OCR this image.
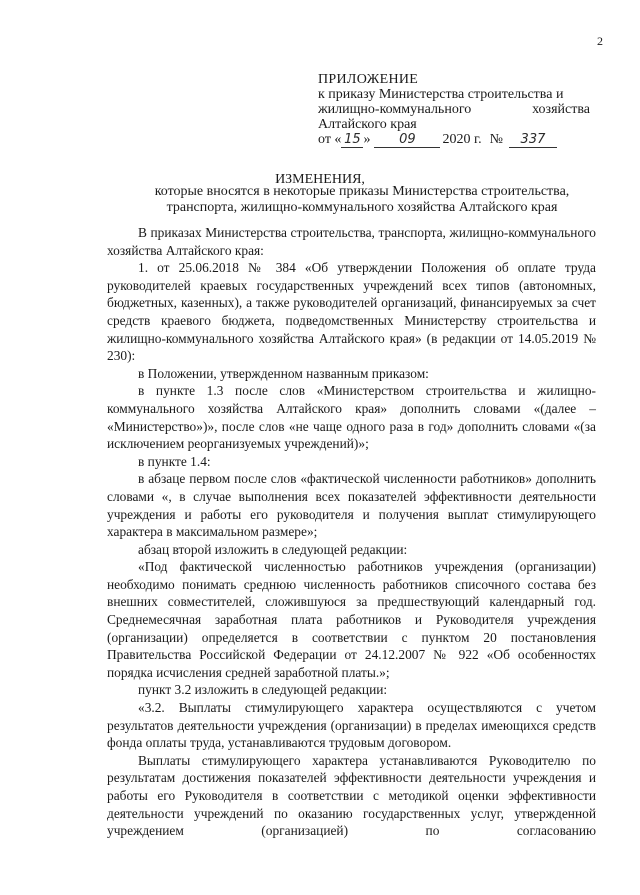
2
ПРИЛОЖЕНИЕ
к приказу Министерства строительства и
жилищно-коммунального	хозяйства
Алтайского края
от « 15 »	09	2020 г. №	337
ИЗМЕНЕНИЯ,
которые вносятся в некоторые приказы Министерства строительства, транспорта, жилищно-коммунального хозяйства Алтайского края

В приказах Министерства строительства, транспорта, жилищно-коммунального хозяйства Алтайского края:

1. от 25.06.2018 № 384 «Об утверждении Положения об оплате труда руководителей краевых государственных учреждений всех типов (автономных, бюджетных, казенных), а также руководителей организаций, финансируемых за счет средств краевого бюджета, подведомственных Министерству строительства и жилищно-коммунального хозяйства Алтайского края» (в редакции от 14.05.2019 № 230):

в Положении, утвержденном названным приказом:

в пункте 1.3 после слов «Министерством строительства и жилищно-коммунального хозяйства Алтайского края» дополнить словами «(далее – «Министерство»)», после слов «не чаще одного раза в год» дополнить словами «(за исключением реорганизуемых учреждений)»;

в пункте 1.4:

в абзаце первом после слов «фактической численности работников» дополнить словами «, в случае выполнения всех показателей эффективности деятельности учреждения и работы его руководителя и получения выплат стимулирующего характера в максимальном размере»;

абзац второй изложить в следующей редакции:

«Под фактической численностью работников учреждения (организации) необходимо понимать среднюю численность работников списочного состава без внешних совместителей, сложившуюся за предшествующий календарный год. Среднемесячная заработная плата работников и Руководителя учреждения (организации) определяется в соответствии с пунктом 20 постановления Правительства Российской Федерации от 24.12.2007 № 922 «Об особенностях порядка исчисления средней заработной платы.»;

пункт 3.2 изложить в следующей редакции:

«3.2. Выплаты стимулирующего характера осуществляются с учетом результатов деятельности учреждения (организации) в пределах имеющихся средств фонда оплаты труда, устанавливаются трудовым договором.

Выплаты стимулирующего характера устанавливаются Руководителю по результатам достижения показателей эффективности деятельности учреждения и работы его Руководителя в соответствии с методикой оценки эффективности деятельности учреждений по оказанию государственных услуг, утвержденной учреждением (организацией) по согласованию
